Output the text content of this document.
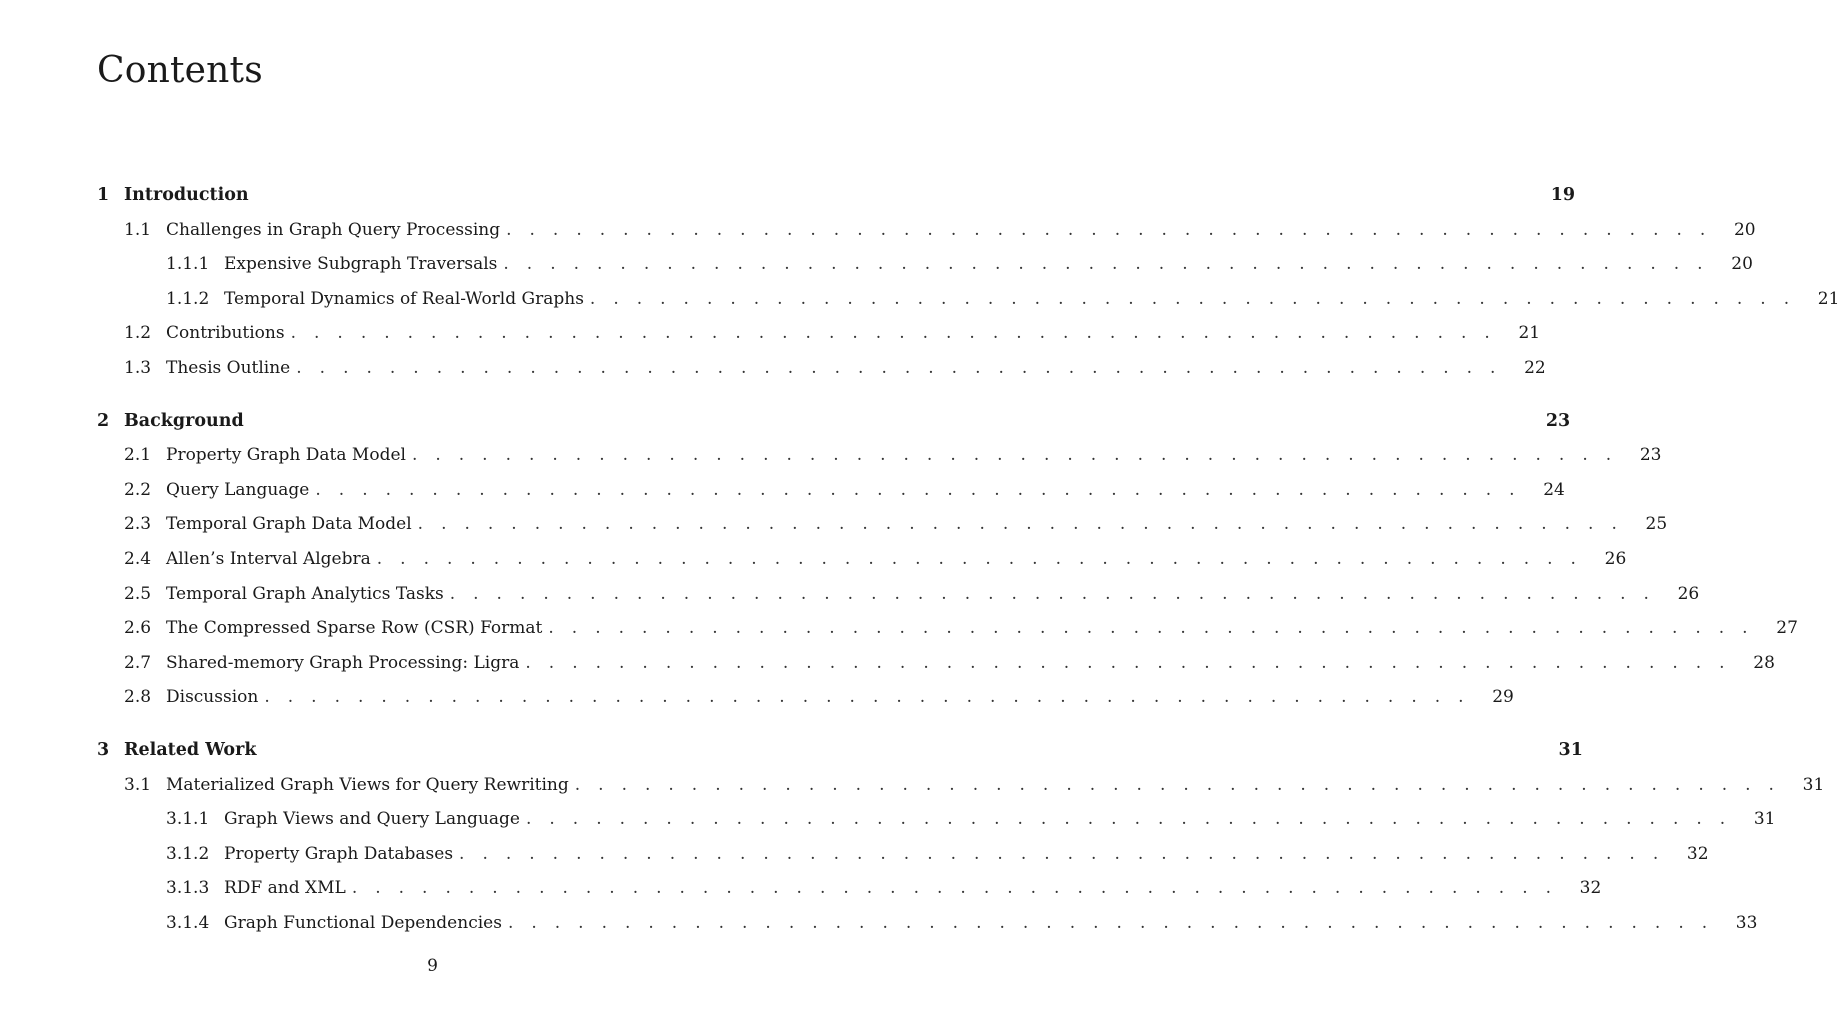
Contents
1 Introduction	19
1.1 Challenges in Graph Query Processing . . . . . . . . . . . . . . . . . . . . . . . . . . . . . . . . . . . . . . . . . . . . . . . . . . . .	20
1.1.1 Expensive Subgraph Traversals . . . . . . . . . . . . . . . . . . . . . . . . . . . . . . . . . . . . . . . . . . . . . . . . . . . .	20
1.1.2 Temporal Dynamics of Real-World Graphs . . . . . . . . . . . . . . . . . . . . . . . . . . . . . . . . . . . . . . . . . . . . . . . . . . . .	21
1.2 Contributions . . . . . . . . . . . . . . . . . . . . . . . . . . . . . . . . . . . . . . . . . . . . . . . . . . . .	21
1.3 Thesis Outline . . . . . . . . . . . . . . . . . . . . . . . . . . . . . . . . . . . . . . . . . . . . . . . . . . . .	22
2 Background	23
2.1 Property Graph Data Model . . . . . . . . . . . . . . . . . . . . . . . . . . . . . . . . . . . . . . . . . . . . . . . . . . . .	23
2.2 Query Language . . . . . . . . . . . . . . . . . . . . . . . . . . . . . . . . . . . . . . . . . . . . . . . . . . . .	24
2.3 Temporal Graph Data Model . . . . . . . . . . . . . . . . . . . . . . . . . . . . . . . . . . . . . . . . . . . . . . . . . . . .	25
2.4 Allen’s Interval Algebra . . . . . . . . . . . . . . . . . . . . . . . . . . . . . . . . . . . . . . . . . . . . . . . . . . . .	26
2.5 Temporal Graph Analytics Tasks . . . . . . . . . . . . . . . . . . . . . . . . . . . . . . . . . . . . . . . . . . . . . . . . . . . .	26
2.6 The Compressed Sparse Row (CSR) Format . . . . . . . . . . . . . . . . . . . . . . . . . . . . . . . . . . . . . . . . . . . . . . . . . . . .	27
2.7 Shared-memory Graph Processing: Ligra . . . . . . . . . . . . . . . . . . . . . . . . . . . . . . . . . . . . . . . . . . . . . . . . . . . .	28
2.8 Discussion . . . . . . . . . . . . . . . . . . . . . . . . . . . . . . . . . . . . . . . . . . . . . . . . . . . .	29
3 Related Work	31
3.1 Materialized Graph Views for Query Rewriting . . . . . . . . . . . . . . . . . . . . . . . . . . . . . . . . . . . . . . . . . . . . . . . . . . . .	31
3.1.1 Graph Views and Query Language . . . . . . . . . . . . . . . . . . . . . . . . . . . . . . . . . . . . . . . . . . . . . . . . . . . .	31
3.1.2 Property Graph Databases . . . . . . . . . . . . . . . . . . . . . . . . . . . . . . . . . . . . . . . . . . . . . . . . . . . .	32
3.1.3 RDF and XML . . . . . . . . . . . . . . . . . . . . . . . . . . . . . . . . . . . . . . . . . . . . . . . . . . . .	32
3.1.4 Graph Functional Dependencies . . . . . . . . . . . . . . . . . . . . . . . . . . . . . . . . . . . . . . . . . . . . . . . . . . . .	33
9
